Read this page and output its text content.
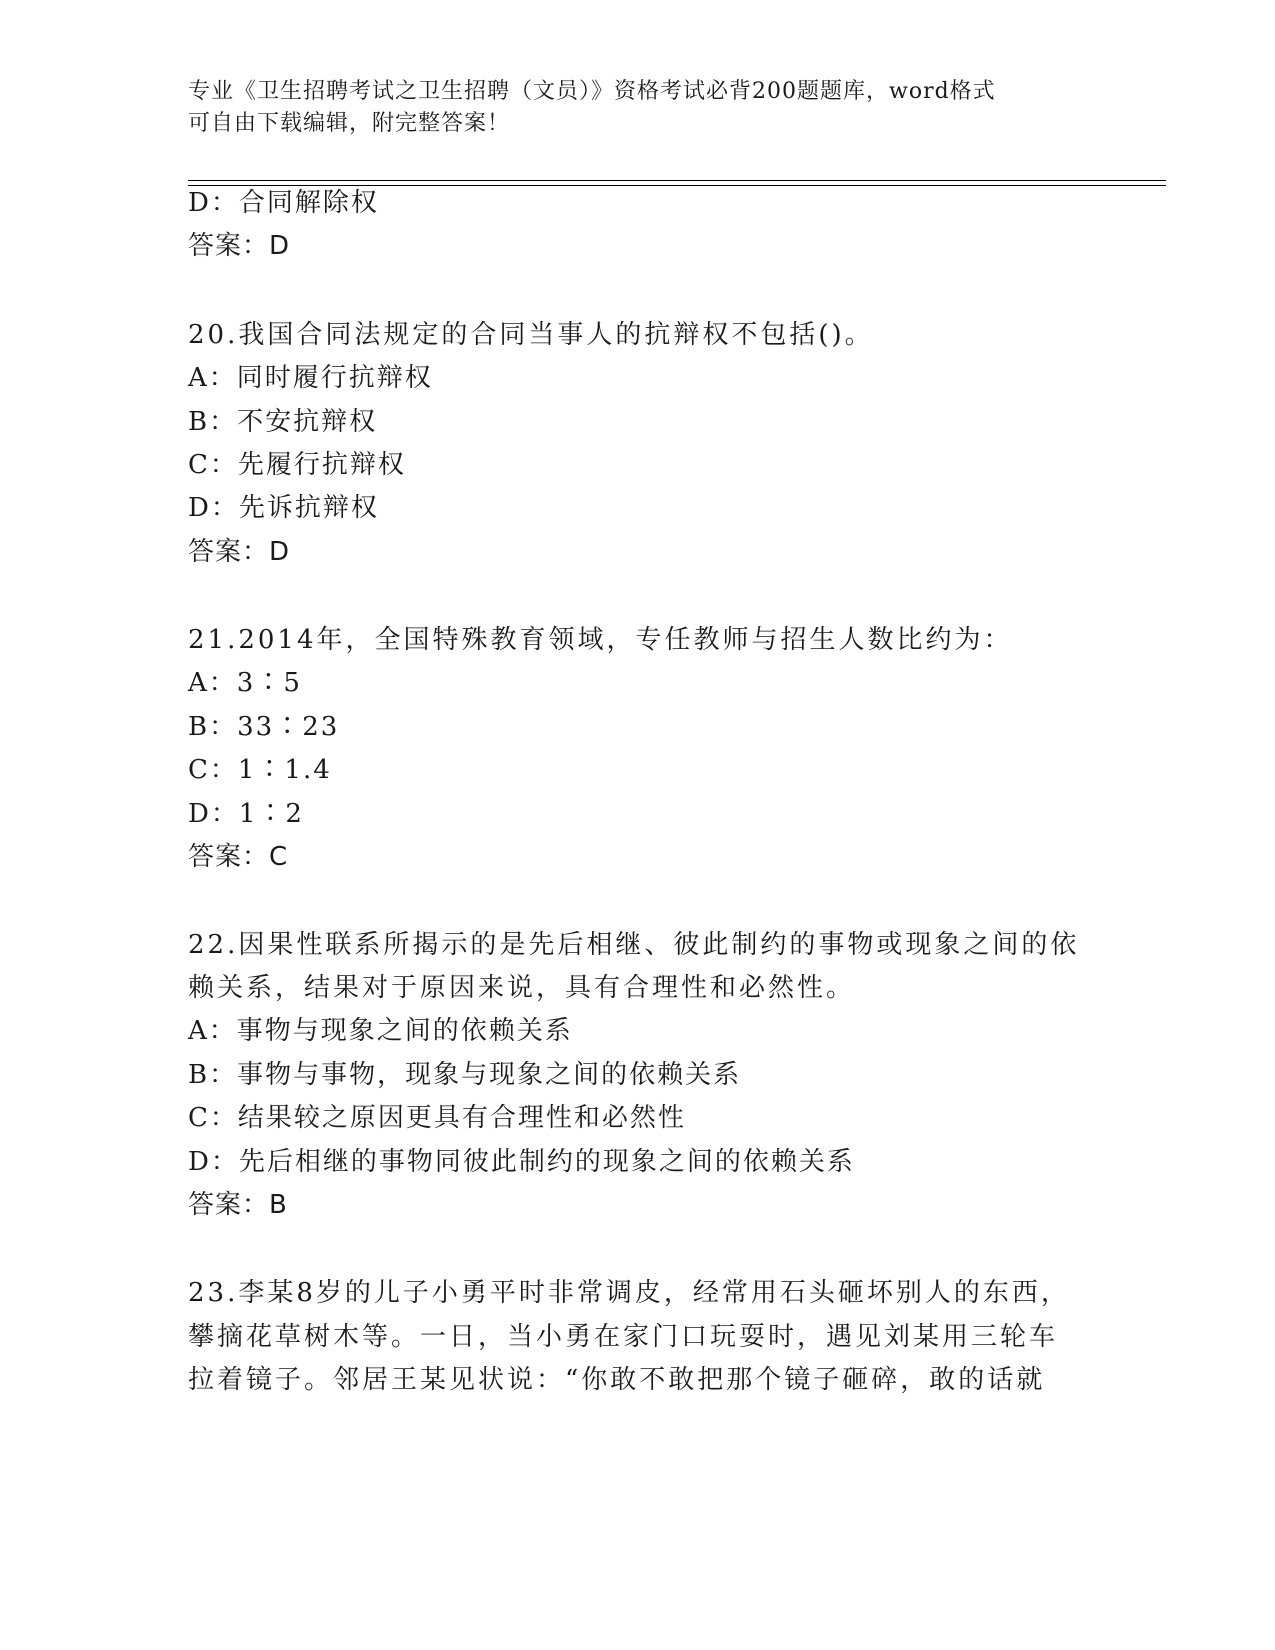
专业《卫生招聘考试之卫生招聘（文员）》资格考试必背200题题库，word格式
可自由下载编辑，附完整答案！
D：合同解除权
答案：D
20.我国合同法规定的合同当事人的抗辩权不包括()。
A：同时履行抗辩权
B：不安抗辩权
C：先履行抗辩权
D：先诉抗辩权
答案：D
21.2014年，全国特殊教育领域，专任教师与招生人数比约为：
A：3∶5
B：33∶23
C：1∶1.4
D：1∶2
答案：C
22.因果性联系所揭示的是先后相继、彼此制约的事物或现象之间的依
赖关系，结果对于原因来说，具有合理性和必然性。
A：事物与现象之间的依赖关系
B：事物与事物，现象与现象之间的依赖关系
C：结果较之原因更具有合理性和必然性
D：先后相继的事物同彼此制约的现象之间的依赖关系
答案：B
23.李某8岁的儿子小勇平时非常调皮，经常用石头砸坏别人的东西，
攀摘花草树木等。一日，当小勇在家门口玩耍时，遇见刘某用三轮车
拉着镜子。邻居王某见状说：“你敢不敢把那个镜子砸碎，敢的话就
